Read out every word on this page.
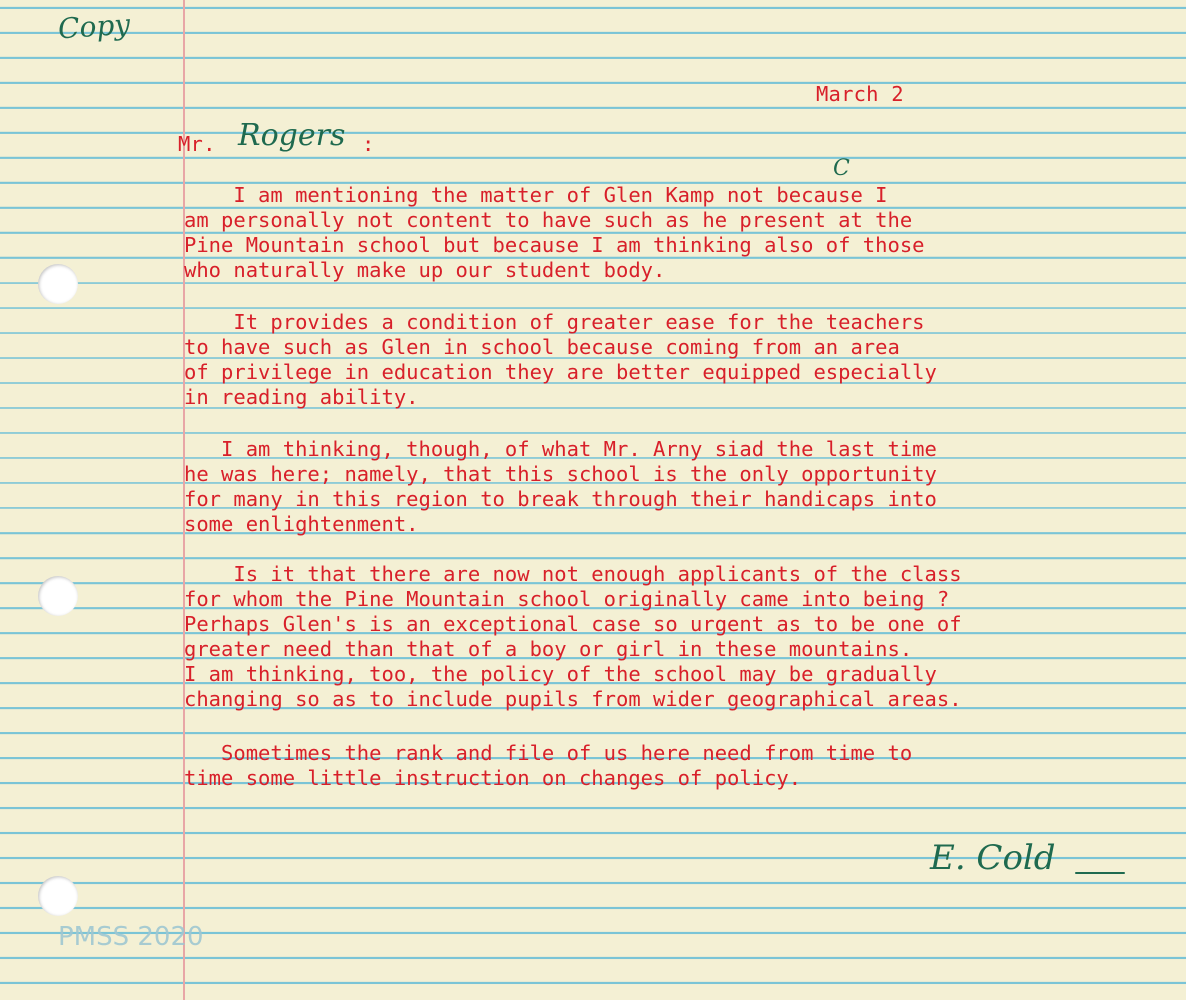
Copy
March 2
Mr. Rogers :
C
I am mentioning the matter of Glen Kamp not because I
am personally not content to have such as he present at the
Pine Mountain school but because I am thinking also of those
who naturally make up our student body.
It provides a condition of greater ease for the teachers
to have such as Glen in school because coming from an area
of privilege in education they are better equipped especially
in reading ability.
I am thinking, though, of what Mr. Arny siad the last time
he was here; namely, that this school is the only opportunity
for many in this region to break through their handicaps into
some enlightenment.
Is it that there are now not enough applicants of the class
for whom the Pine Mountain school originally came into being ?
Perhaps Glen's is an exceptional case so urgent as to be one of
greater need than that of a boy or girl in these mountains.
I am thinking, too, the policy of the school may be gradually
changing so as to include pupils from wider geographical areas.
Sometimes the rank and file of us here need from time to
time some little instruction on changes of policy.
E. Cold
PMSS 2020
